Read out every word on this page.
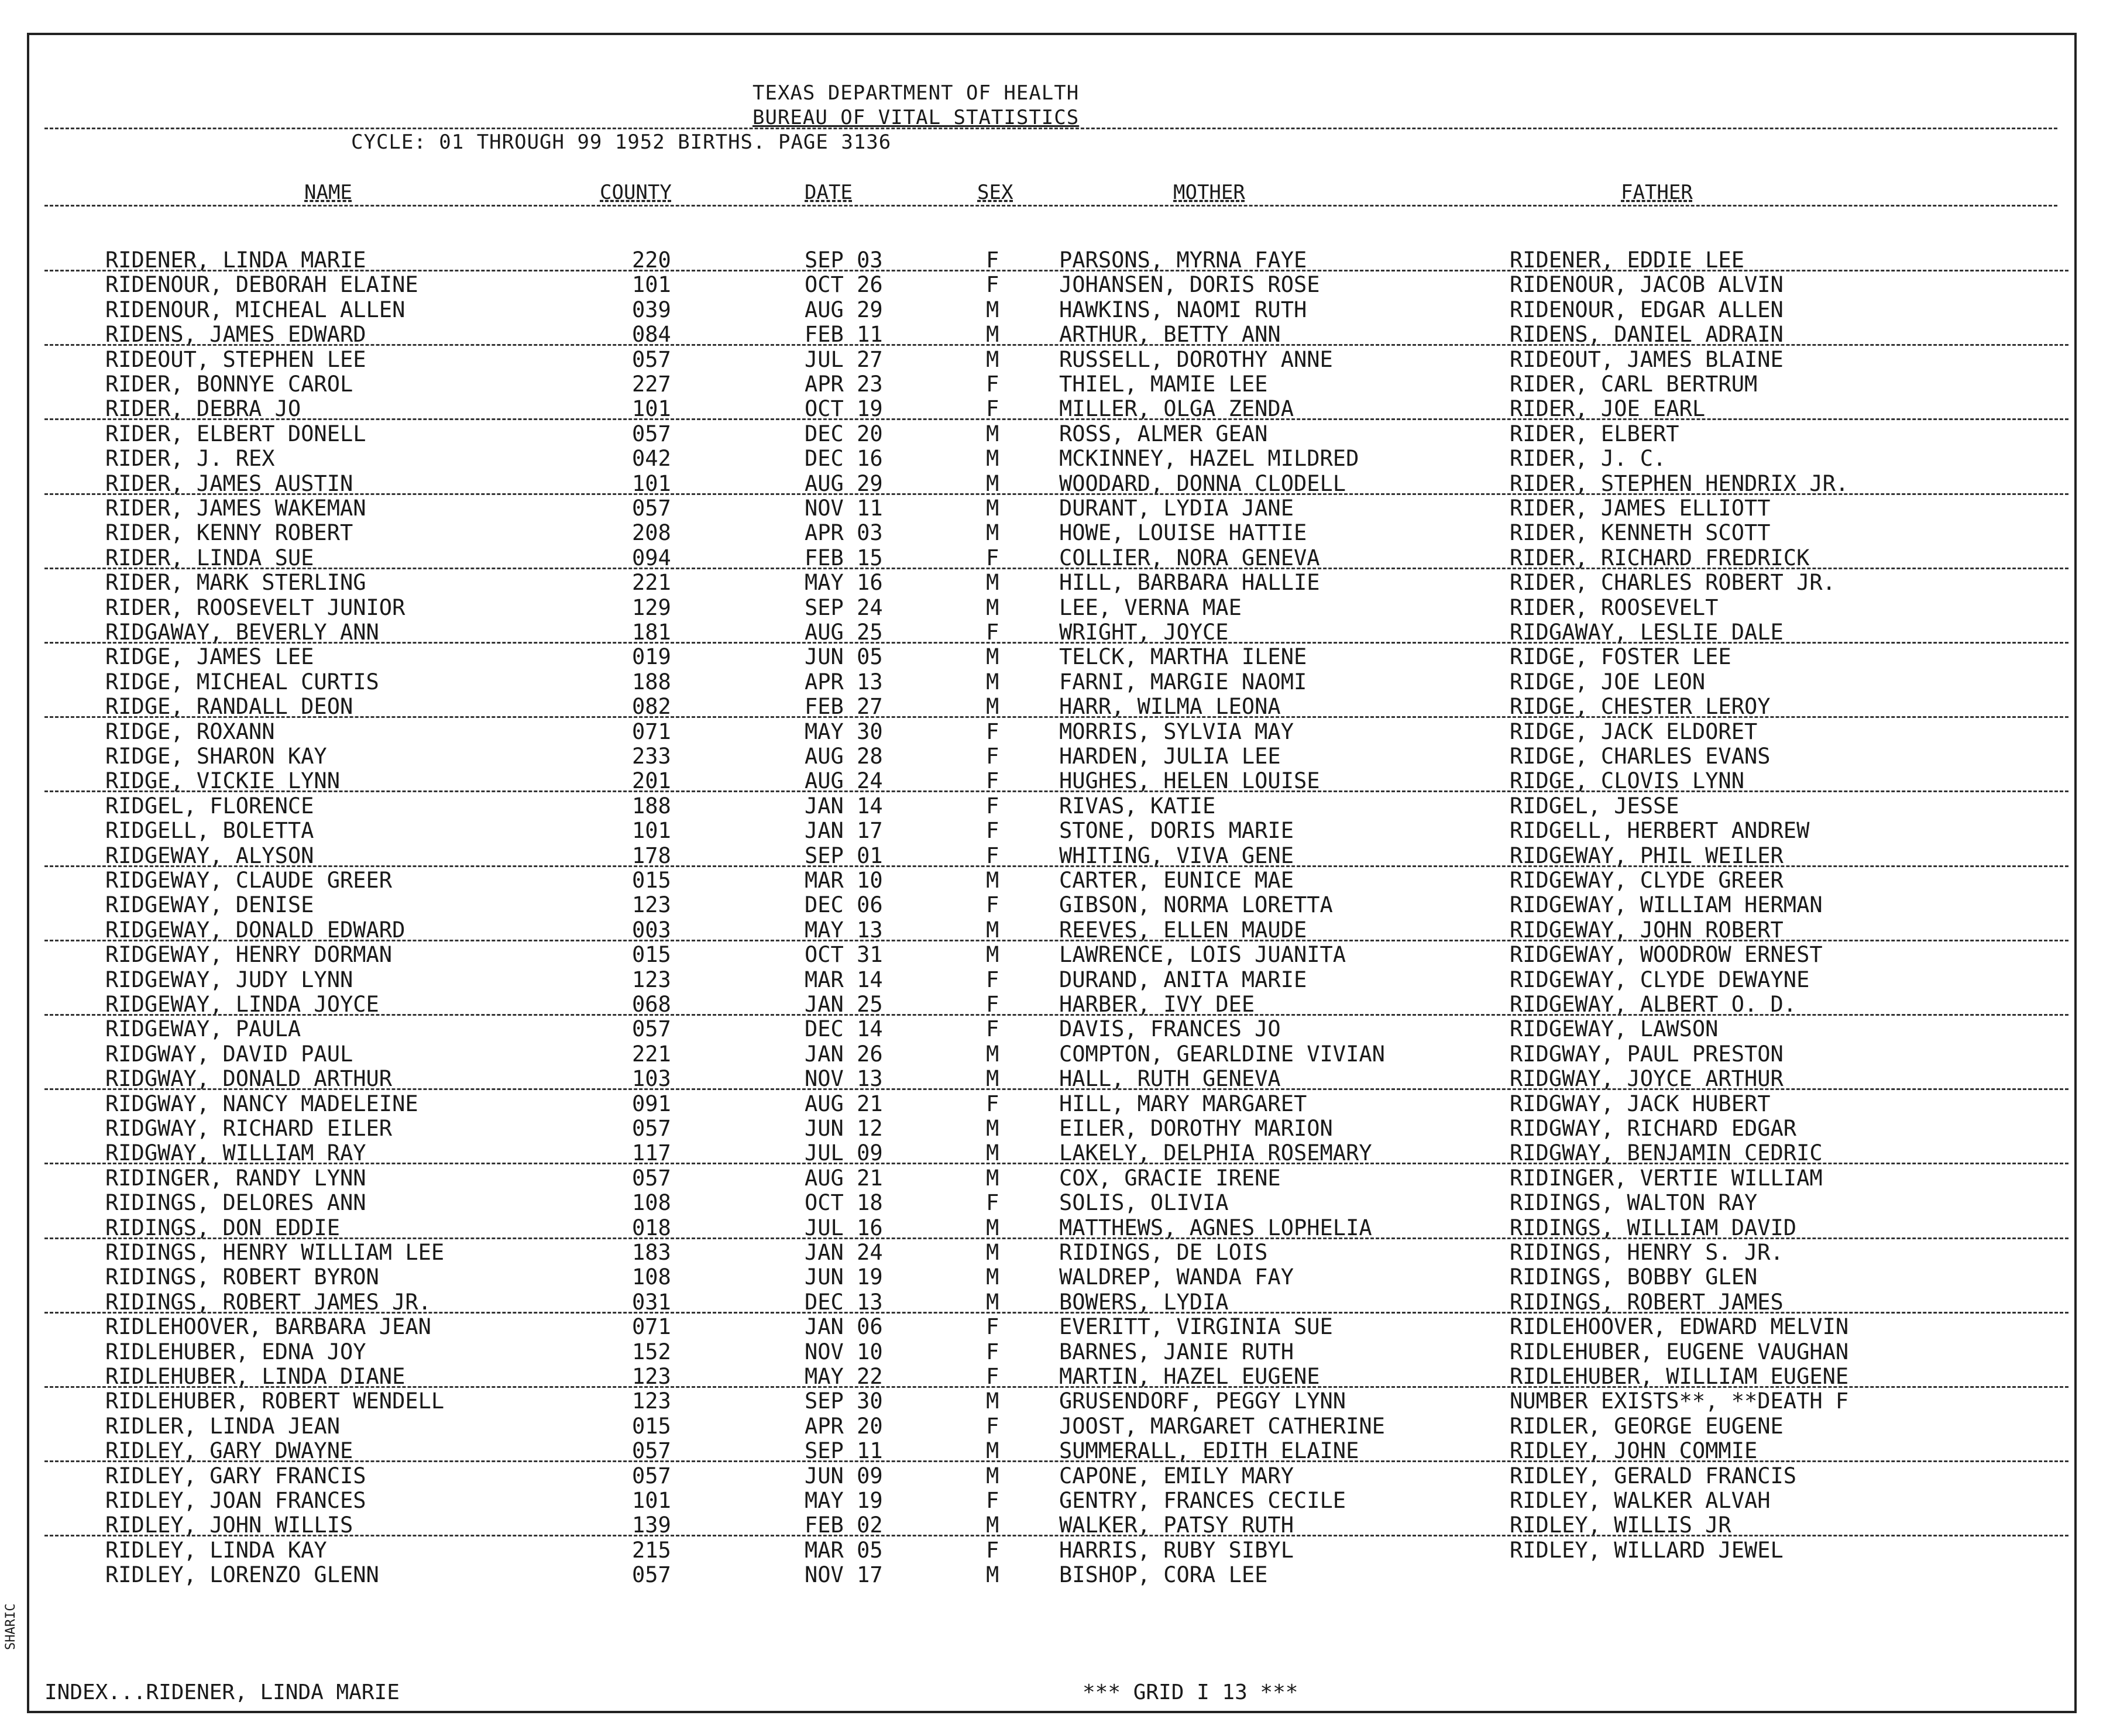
TEXAS DEPARTMENT OF HEALTH
BUREAU OF VITAL STATISTICS
CYCLE: 01 THROUGH 99 1952 BIRTHS. PAGE 3136
NAME	COUNTY	DATE	SEX	MOTHER	FATHER
RIDENER, LINDA MARIE	220	SEP 03	F	PARSONS, MYRNA FAYE	RIDENER, EDDIE LEE
RIDENOUR, DEBORAH ELAINE	101	OCT 26	F	JOHANSEN, DORIS ROSE	RIDENOUR, JACOB ALVIN
RIDENOUR, MICHEAL ALLEN	039	AUG 29	M	HAWKINS, NAOMI RUTH	RIDENOUR, EDGAR ALLEN
RIDENS, JAMES EDWARD	084	FEB 11	M	ARTHUR, BETTY ANN	RIDENS, DANIEL ADRAIN
RIDEOUT, STEPHEN LEE	057	JUL 27	M	RUSSELL, DOROTHY ANNE	RIDEOUT, JAMES BLAINE
RIDER, BONNYE CAROL	227	APR 23	F	THIEL, MAMIE LEE	RIDER, CARL BERTRUM
RIDER, DEBRA JO	101	OCT 19	F	MILLER, OLGA ZENDA	RIDER, JOE EARL
RIDER, ELBERT DONELL	057	DEC 20	M	ROSS, ALMER GEAN	RIDER, ELBERT
RIDER, J. REX	042	DEC 16	M	MCKINNEY, HAZEL MILDRED	RIDER, J. C.
RIDER, JAMES AUSTIN	101	AUG 29	M	WOODARD, DONNA CLODELL	RIDER, STEPHEN HENDRIX JR.
RIDER, JAMES WAKEMAN	057	NOV 11	M	DURANT, LYDIA JANE	RIDER, JAMES ELLIOTT
RIDER, KENNY ROBERT	208	APR 03	M	HOWE, LOUISE HATTIE	RIDER, KENNETH SCOTT
RIDER, LINDA SUE	094	FEB 15	F	COLLIER, NORA GENEVA	RIDER, RICHARD FREDRICK
RIDER, MARK STERLING	221	MAY 16	M	HILL, BARBARA HALLIE	RIDER, CHARLES ROBERT JR.
RIDER, ROOSEVELT JUNIOR	129	SEP 24	M	LEE, VERNA MAE	RIDER, ROOSEVELT
RIDGAWAY, BEVERLY ANN	181	AUG 25	F	WRIGHT, JOYCE	RIDGAWAY, LESLIE DALE
RIDGE, JAMES LEE	019	JUN 05	M	TELCK, MARTHA ILENE	RIDGE, FOSTER LEE
RIDGE, MICHEAL CURTIS	188	APR 13	M	FARNI, MARGIE NAOMI	RIDGE, JOE LEON
RIDGE, RANDALL DEON	082	FEB 27	M	HARR, WILMA LEONA	RIDGE, CHESTER LEROY
RIDGE, ROXANN	071	MAY 30	F	MORRIS, SYLVIA MAY	RIDGE, JACK ELDORET
RIDGE, SHARON KAY	233	AUG 28	F	HARDEN, JULIA LEE	RIDGE, CHARLES EVANS
RIDGE, VICKIE LYNN	201	AUG 24	F	HUGHES, HELEN LOUISE	RIDGE, CLOVIS LYNN
RIDGEL, FLORENCE	188	JAN 14	F	RIVAS, KATIE	RIDGEL, JESSE
RIDGELL, BOLETTA	101	JAN 17	F	STONE, DORIS MARIE	RIDGELL, HERBERT ANDREW
RIDGEWAY, ALYSON	178	SEP 01	F	WHITING, VIVA GENE	RIDGEWAY, PHIL WEILER
RIDGEWAY, CLAUDE GREER	015	MAR 10	M	CARTER, EUNICE MAE	RIDGEWAY, CLYDE GREER
RIDGEWAY, DENISE	123	DEC 06	F	GIBSON, NORMA LORETTA	RIDGEWAY, WILLIAM HERMAN
RIDGEWAY, DONALD EDWARD	003	MAY 13	M	REEVES, ELLEN MAUDE	RIDGEWAY, JOHN ROBERT
RIDGEWAY, HENRY DORMAN	015	OCT 31	M	LAWRENCE, LOIS JUANITA	RIDGEWAY, WOODROW ERNEST
RIDGEWAY, JUDY LYNN	123	MAR 14	F	DURAND, ANITA MARIE	RIDGEWAY, CLYDE DEWAYNE
RIDGEWAY, LINDA JOYCE	068	JAN 25	F	HARBER, IVY DEE	RIDGEWAY, ALBERT O. D.
RIDGEWAY, PAULA	057	DEC 14	F	DAVIS, FRANCES JO	RIDGEWAY, LAWSON
RIDGWAY, DAVID PAUL	221	JAN 26	M	COMPTON, GEARLDINE VIVIAN	RIDGWAY, PAUL PRESTON
RIDGWAY, DONALD ARTHUR	103	NOV 13	M	HALL, RUTH GENEVA	RIDGWAY, JOYCE ARTHUR
RIDGWAY, NANCY MADELEINE	091	AUG 21	F	HILL, MARY MARGARET	RIDGWAY, JACK HUBERT
RIDGWAY, RICHARD EILER	057	JUN 12	M	EILER, DOROTHY MARION	RIDGWAY, RICHARD EDGAR
RIDGWAY, WILLIAM RAY	117	JUL 09	M	LAKELY, DELPHIA ROSEMARY	RIDGWAY, BENJAMIN CEDRIC
RIDINGER, RANDY LYNN	057	AUG 21	M	COX, GRACIE IRENE	RIDINGER, VERTIE WILLIAM
RIDINGS, DELORES ANN	108	OCT 18	F	SOLIS, OLIVIA	RIDINGS, WALTON RAY
RIDINGS, DON EDDIE	018	JUL 16	M	MATTHEWS, AGNES LOPHELIA	RIDINGS, WILLIAM DAVID
RIDINGS, HENRY WILLIAM LEE	183	JAN 24	M	RIDINGS, DE LOIS	RIDINGS, HENRY S. JR.
RIDINGS, ROBERT BYRON	108	JUN 19	M	WALDREP, WANDA FAY	RIDINGS, BOBBY GLEN
RIDINGS, ROBERT JAMES JR.	031	DEC 13	M	BOWERS, LYDIA	RIDINGS, ROBERT JAMES
RIDLEHOOVER, BARBARA JEAN	071	JAN 06	F	EVERITT, VIRGINIA SUE	RIDLEHOOVER, EDWARD MELVIN
RIDLEHUBER, EDNA JOY	152	NOV 10	F	BARNES, JANIE RUTH	RIDLEHUBER, EUGENE VAUGHAN
RIDLEHUBER, LINDA DIANE	123	MAY 22	F	MARTIN, HAZEL EUGENE	RIDLEHUBER, WILLIAM EUGENE
RIDLEHUBER, ROBERT WENDELL	123	SEP 30	M	GRUSENDORF, PEGGY LYNN	NUMBER EXISTS**, **DEATH F
RIDLER, LINDA JEAN	015	APR 20	F	JOOST, MARGARET CATHERINE	RIDLER, GEORGE EUGENE
RIDLEY, GARY DWAYNE	057	SEP 11	M	SUMMERALL, EDITH ELAINE	RIDLEY, JOHN COMMIE
RIDLEY, GARY FRANCIS	057	JUN 09	M	CAPONE, EMILY MARY	RIDLEY, GERALD FRANCIS
RIDLEY, JOAN FRANCES	101	MAY 19	F	GENTRY, FRANCES CECILE	RIDLEY, WALKER ALVAH
RIDLEY, JOHN WILLIS	139	FEB 02	M	WALKER, PATSY RUTH	RIDLEY, WILLIS JR
RIDLEY, LINDA KAY	215	MAR 05	F	HARRIS, RUBY SIBYL	RIDLEY, WILLARD JEWEL
RIDLEY, LORENZO GLENN	057	NOV 17	M	BISHOP, CORA LEE
INDEX...RIDENER, LINDA MARIE	*** GRID I 13 ***
SHARIC
